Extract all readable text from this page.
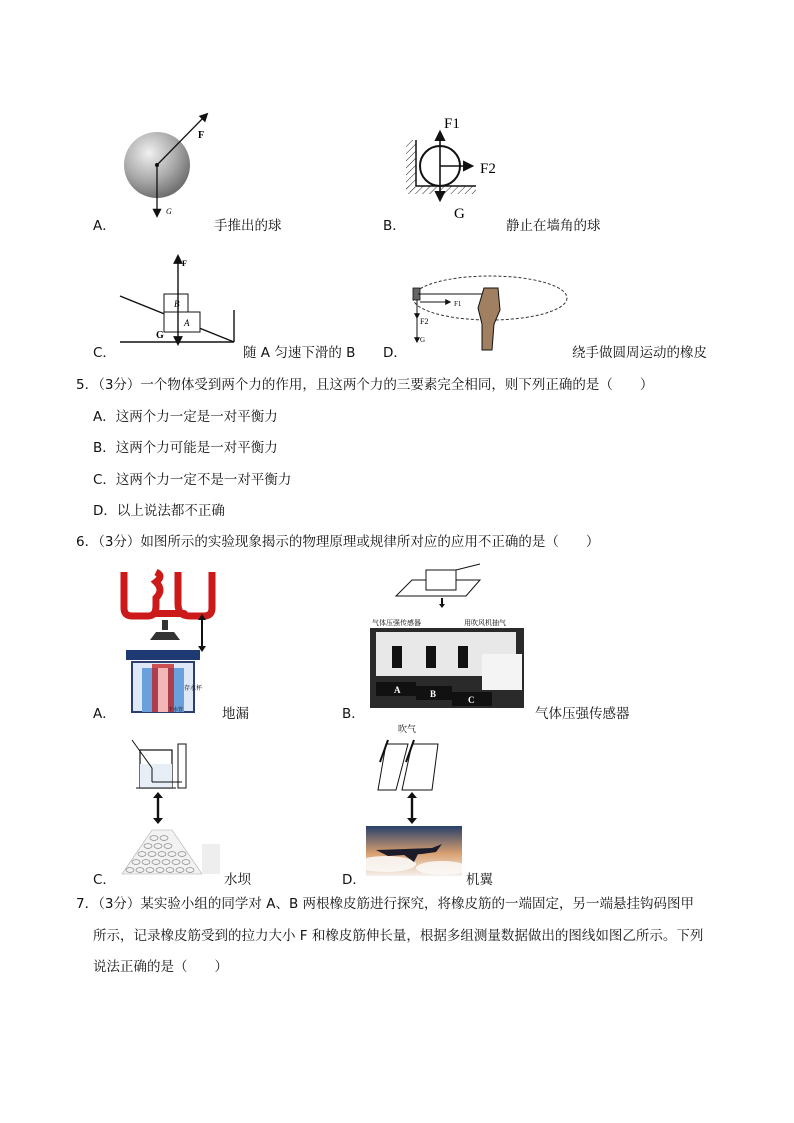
F
G
A．	手推出的球
F1
F2
G
B．	静止在墙角的球
F
B
A
G
C．	随 A 匀速下滑的 B
F1
F2
G
D．	绕手做圆周运动的橡皮
5．（3分）一个物体受到两个力的作用，且这两个力的三要素完全相同，则下列正确的是（　　）
A．这两个力一定是一对平衡力
B．这两个力可能是一对平衡力
C．这两个力一定不是一对平衡力
D．以上说法都不正确
6．（3分）如图所示的实验现象揭示的物理原理或规律所对应的应用不正确的是（　　）
存水杯
下水管
A．	地漏
气体压强传感器	用吹风机抽气
A	B
C
B．	气体压强传感器
C．	水坝
吹气
D．	机翼
7．（3分）某实验小组的同学对 A、B 两根橡皮筋进行探究，将橡皮筋的一端固定，另一端悬挂钩码图甲
所示，记录橡皮筋受到的拉力大小 F 和橡皮筋伸长量，根据多组测量数据做出的图线如图乙所示。下列
说法正确的是（　　）
